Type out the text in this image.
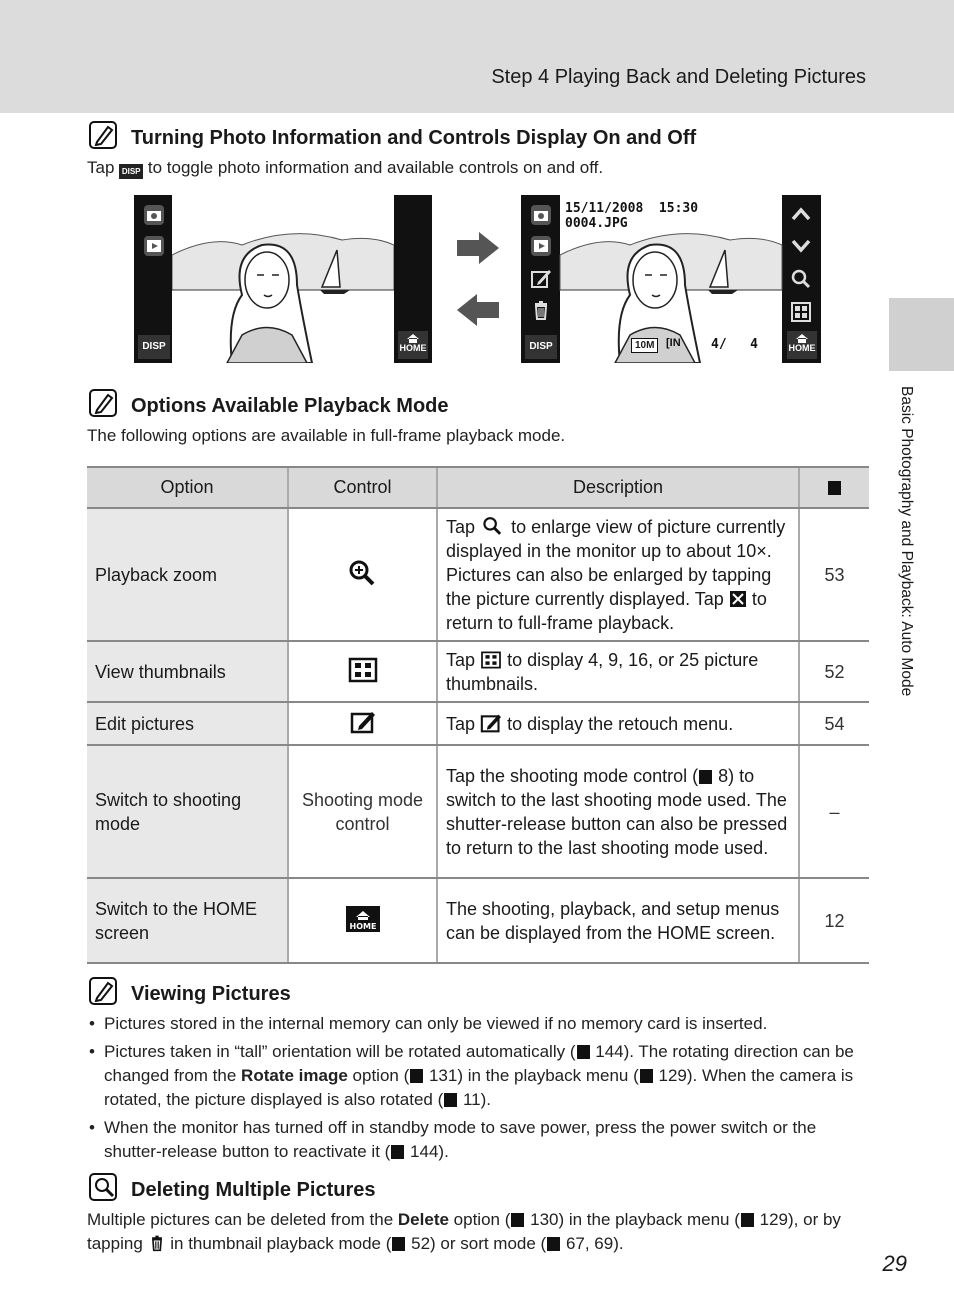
Step 4 Playing Back and Deleting Pictures
Basic Photography and Playback: Auto Mode
Turning Photo Information and Controls Display On and Off
Tap DISP to toggle photo information and available controls on and off.
DISP	HOME
15/11/2008  15:30
0004.JPG
DISP	10M	[IN 4/   4	HOME
Options Available Playback Mode
The following options are available in full-frame playback mode.
Option	Control	Description	
Playback zoom		Tap to enlarge view of picture currently displayed in the monitor up to about 10×. Pictures can also be enlarged by tapping the picture currently displayed. Tap to return to full-frame playback.	53
View thumbnails		Tap to display 4, 9, 16, or 25 picture thumbnails.	52
Edit pictures		Tap to display the retouch menu.	54
Switch to shooting mode	Shooting mode control	Tap the shooting mode control ( 8) to switch to the last shooting mode used. The shutter-release button can also be pressed to return to the last shooting mode used.	–
Switch to the HOME screen	HOME	The shooting, playback, and setup menus can be displayed from the HOME screen.	12
Viewing Pictures
• Pictures stored in the internal memory can only be viewed if no memory card is inserted.
• Pictures taken in “tall” orientation will be rotated automatically ( 144). The rotating direction can be changed from the Rotate image option ( 131) in the playback menu ( 129). When the camera is rotated, the picture displayed is also rotated ( 11).
• When the monitor has turned off in standby mode to save power, press the power switch or the shutter-release button to reactivate it ( 144).
Deleting Multiple Pictures
Multiple pictures can be deleted from the Delete option ( 130) in the playback menu ( 129), or by tapping in thumbnail playback mode ( 52) or sort mode ( 67, 69).
29
